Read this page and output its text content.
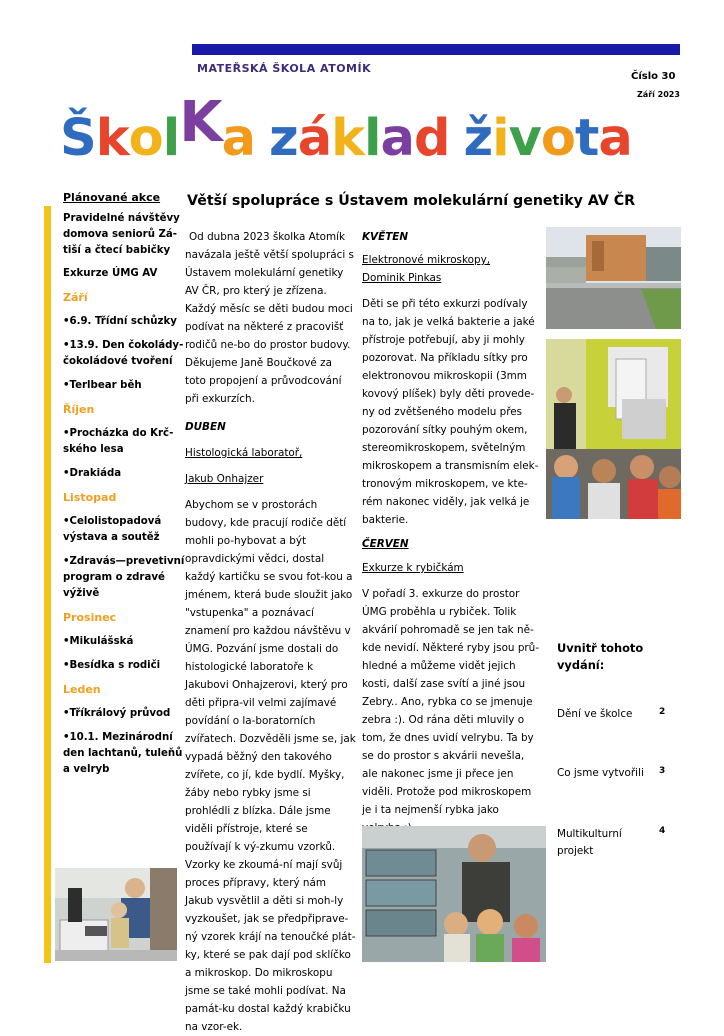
MATEŘSKÁ ŠKOLA ATOMÍK
Číslo 30
Září 2023
ŠkolKa základ života
Plánované akce
Pravidelné návštěvy domova seniorů Zá-tiší a čtecí babičky
Exkurze ÚMG AV
Září
•6.9. Třídní schůzky
•13.9. Den čokolády-čokoládové tvoření
•Terlbear běh
Říjen
•Procházka do Krč-ského lesa
•Drakiáda
Listopad
•Celolistopadová výstava a soutěž
•Zdravás—prevetivní program o zdravé výživě
Prosinec
•Mikulášská
•Besídka s rodiči
Leden
•Tříkrálový průvod
•10.1. Mezinárodní den lachtanů, tuleňů a velryb
Větší spolupráce s Ústavem molekulární genetiky AV ČR

Od dubna 2023 školka Atomík navázala ještě větší spolupráci s Ústavem molekulární genetiky AV ČR, pro který je zřízena. Každý měsíc se děti budou moci podívat na některé z pracovišť rodičů ne-bo do prostor budovy. Děkujeme Janě Boučkové za toto propojení a průvodcování při exkurzích.

DUBEN

Histologická laboratoř,

Jakub Onhajzer

Abychom se v prostorách budovy, kde pracují rodiče dětí mohli po-hybovat a být opravdickými vědci, dostal každý kartičku se svou fot-kou a jménem, která bude sloužit jako "vstupenka" a poznávací znamení pro každou návštěvu v ÚMG. Pozvání jsme dostali do histologické laboratoře k Jakubovi Onhajzerovi, který pro děti připra-vil velmi zajímavé povídání o la-boratorních zvířatech. Dozvěděli jsme se, jak vypadá běžný den takového zvířete, co jí, kde bydlí. Myšky, žáby nebo rybky jsme si prohlédli z blízka. Dále jsme viděli přístroje, které se používají k vý-zkumu vzorků. Vzorky ke zkoumá-ní mají svůj proces přípravy, který nám Jakub vysvětlil a děti si moh-ly vyzkoušet, jak se předpřiprave-ný vzorek krájí na tenoučké plát-ky, které se pak dají pod sklíčko a mikroskop. Do mikroskopu jsme se také mohli podívat. Na památ-ku dostal každý krabičku na vzor-ek.

KVĚTEN

Elektronové mikroskopy,

Dominik Pinkas

Děti se při této exkurzi podívaly na to, jak je velká bakterie a jaké přístroje potřebují, aby ji mohly pozorovat. Na příkladu sítky pro elektronovou mikroskopii (3mm kovový plíšek) byly děti provede-ny od zvětšeného modelu přes pozorování sítky pouhým okem, stereomikroskopem, světelným mikroskopem a transmisním elek-tronovým mikroskopem, ve kte-rém nakonec viděly, jak velká je bakterie.

ČERVEN

Exkurze k rybičkám

V pořadí 3. exkurze do prostor ÚMG proběhla u rybiček. Tolik akvárií pohromadě se jen tak ně-kde nevidí. Některé ryby jsou prů-hledné a můžeme vidět jejich kosti, další zase svítí a jiné jsou Zebry.. Ano, rybka co se jmenuje zebra :). Od rána děti mluvily o tom, že dnes uvidí velrybu. Ta by se do prostor s akvárii nevešla, ale nakonec jsme ji přece jen viděli. Protože pod mikroskopem je i ta nejmenší rybka jako

Uvnitř tohoto vydání:
Dění ve školce	2
Co jsme vytvořili	3
Multikulturní projekt
4
